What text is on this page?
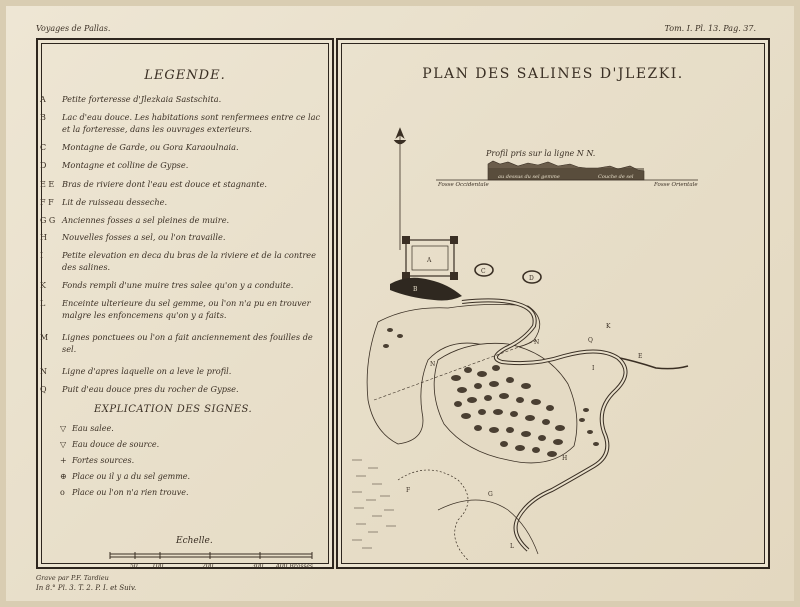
Voyages de Pallas.	Tom. I. Pl. 13. Pag. 37.
LEGENDE.
A	Petite forteresse d'Jlezkaia Sastschita.
B	Lac d'eau douce. Les habitations sont renfermees entre ce lac et la forteresse, dans les ouvrages exterieurs.
C	Montagne de Garde, ou Gora Karaoulnaia.
D	Montagne et colline de Gypse.
E E Bras de riviere dont l'eau est douce et stagnante.
F F	Lit de ruisseau desseche.
G G Anciennes fosses a sel pleines de muire.
H	Nouvelles fosses a sel, ou l'on travaille.
I	Petite elevation en deca du bras de la riviere et de la contree des salines.
K	Fonds rempli d'une muire tres salee qu'on y a conduite.
L	Enceinte ulterieure du sel gemme, ou l'on n'a pu en trouver malgre les enfoncemens qu'on y a faits.
M	Lignes ponctuees ou l'on a fait anciennement des fouilles de sel.
N	Ligne d'apres laquelle on a leve le profil.
Q	Puit d'eau douce pres du rocher de Gypse.
EXPLICATION DES SIGNES.
▽ Eau salee.
▽ Eau douce de source.
+ Fortes sources.
⊕ Place ou il y a du sel gemme.
o Place ou l'on n'a rien trouve.
Echelle.
50 100	200	300 400 Brasses
Grave par P.F. Tardieu
In 8.° Pl. 3. T. 2. P. I. et Suiv.
PLAN DES SALINES D'JLEZKI.
Profil pris sur la ligne N N.
Fosse Occidentale	Fosse Orientale
au dessus du sel gemme	Couche de sel
A
B
C
D
N
N
K
I
Q
G
L
H
F
E
